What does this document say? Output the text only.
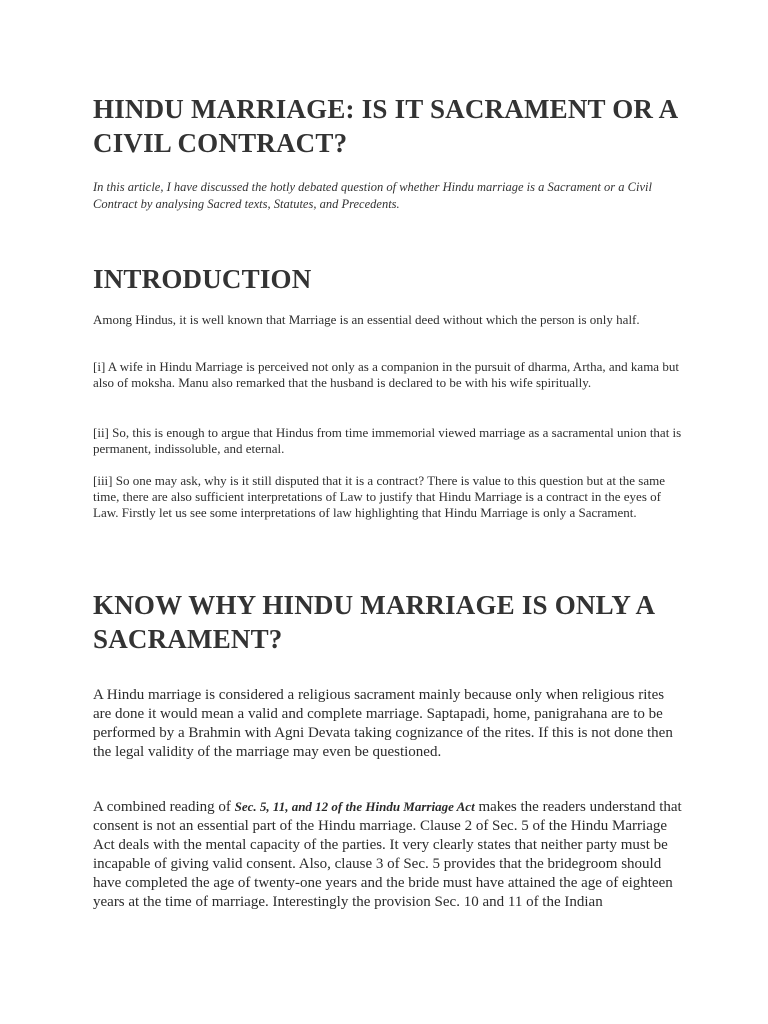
HINDU MARRIAGE: IS IT SACRAMENT OR A CIVIL CONTRACT?

In this article, I have discussed the hotly debated question of whether Hindu marriage is a Sacrament or a Civil Contract by analysing Sacred texts, Statutes, and Precedents.

INTRODUCTION

Among Hindus, it is well known that Marriage is an essential deed without which the person is only half.

[i] A wife in Hindu Marriage is perceived not only as a companion in the pursuit of dharma, Artha, and kama but also of moksha. Manu also remarked that the husband is declared to be with his wife spiritually.

[ii] So, this is enough to argue that Hindus from time immemorial viewed marriage as a sacramental union that is permanent, indissoluble, and eternal.

[iii] So one may ask, why is it still disputed that it is a contract? There is value to this question but at the same time, there are also sufficient interpretations of Law to justify that Hindu Marriage is a contract in the eyes of Law. Firstly let us see some interpretations of law highlighting that Hindu Marriage is only a Sacrament.

KNOW WHY HINDU MARRIAGE IS ONLY A SACRAMENT?

A Hindu marriage is considered a religious sacrament mainly because only when religious rites are done it would mean a valid and complete marriage. Saptapadi, home, panigrahana are to be performed by a Brahmin with Agni Devata taking cognizance of the rites. If this is not done then the legal validity of the marriage may even be questioned.

A combined reading of Sec. 5, 11, and 12 of the Hindu Marriage Act makes the readers understand that consent is not an essential part of the Hindu marriage. Clause 2 of Sec. 5 of the Hindu Marriage Act deals with the mental capacity of the parties. It very clearly states that neither party must be incapable of giving valid consent. Also, clause 3 of Sec. 5 provides that the bridegroom should have completed the age of twenty-one years and the bride must have attained the age of eighteen years at the time of marriage. Interestingly the provision Sec. 10 and 11 of the Indian
